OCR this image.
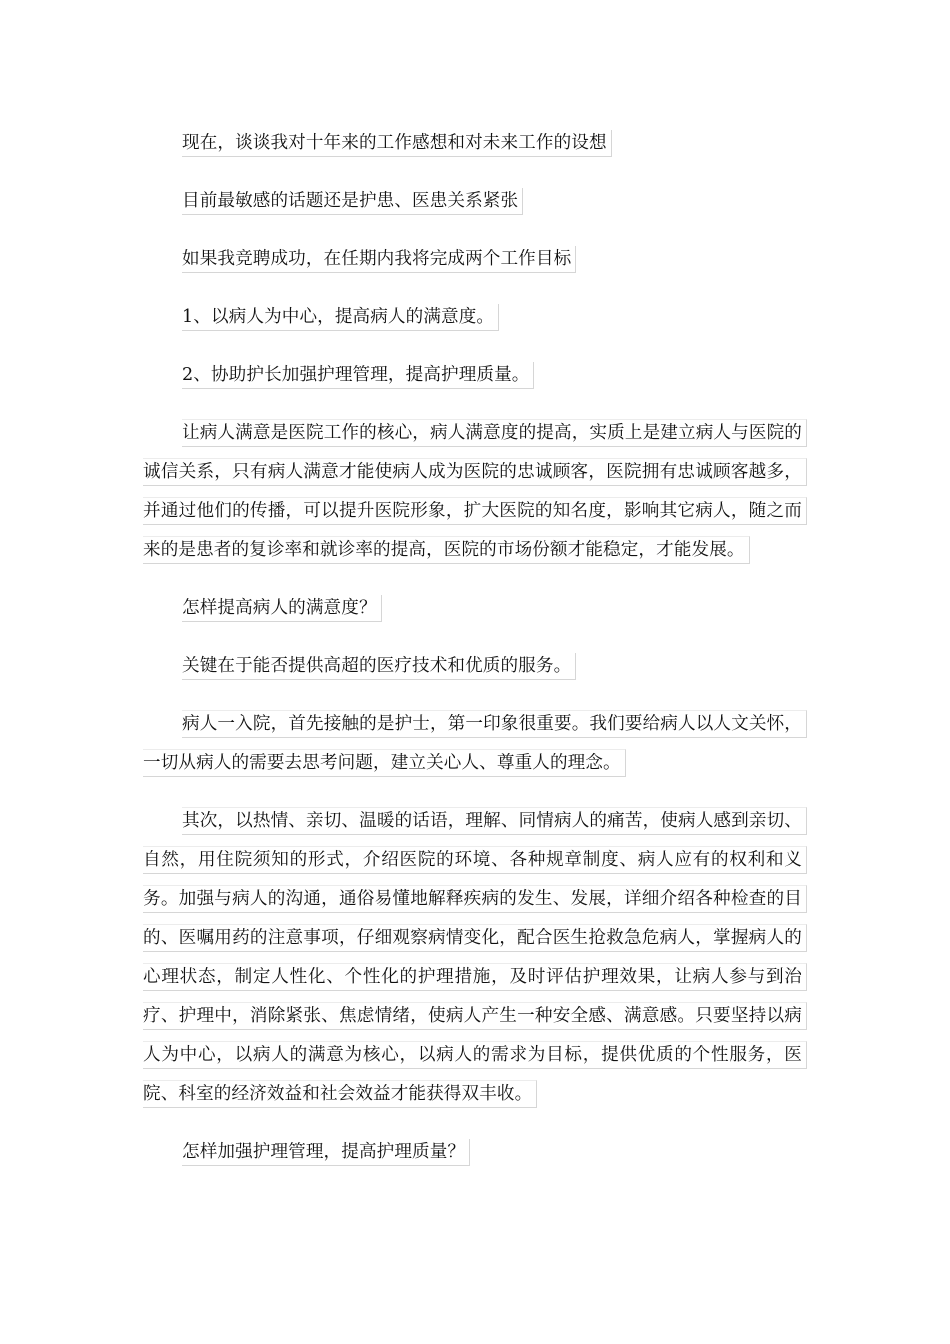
现在，谈谈我对十年来的工作感想和对未来工作的设想

目前最敏感的话题还是护患、医患关系紧张

如果我竞聘成功，在任期内我将完成两个工作目标

1、以病人为中心，提高病人的满意度。

2、协助护长加强护理管理，提高护理质量。

让病人满意是医院工作的核心，病人满意度的提高，实质上是建立病人与医院的诚信关系，只有病人满意才能使病人成为医院的忠诚顾客，医院拥有忠诚顾客越多，并通过他们的传播，可以提升医院形象，扩大医院的知名度，影响其它病人，随之而来的是患者的复诊率和就诊率的提高，医院的市场份额才能稳定，才能发展。

怎样提高病人的满意度？

关键在于能否提供高超的医疗技术和优质的服务。

病人一入院，首先接触的是护士，第一印象很重要。我们要给病人以人文关怀，一切从病人的需要去思考问题，建立关心人、尊重人的理念。

其次，以热情、亲切、温暖的话语，理解、同情病人的痛苦，使病人感到亲切、自然，用住院须知的形式，介绍医院的环境、各种规章制度、病人应有的权利和义务。加强与病人的沟通，通俗易懂地解释疾病的发生、发展，详细介绍各种检查的目的、医嘱用药的注意事项，仔细观察病情变化，配合医生抢救急危病人，掌握病人的心理状态，制定人性化、个性化的护理措施，及时评估护理效果，让病人参与到治疗、护理中，消除紧张、焦虑情绪，使病人产生一种安全感、满意感。只要坚持以病人为中心，以病人的满意为核心，以病人的需求为目标，提供优质的个性服务，医院、科室的经济效益和社会效益才能获得双丰收。

怎样加强护理管理，提高护理质量？
